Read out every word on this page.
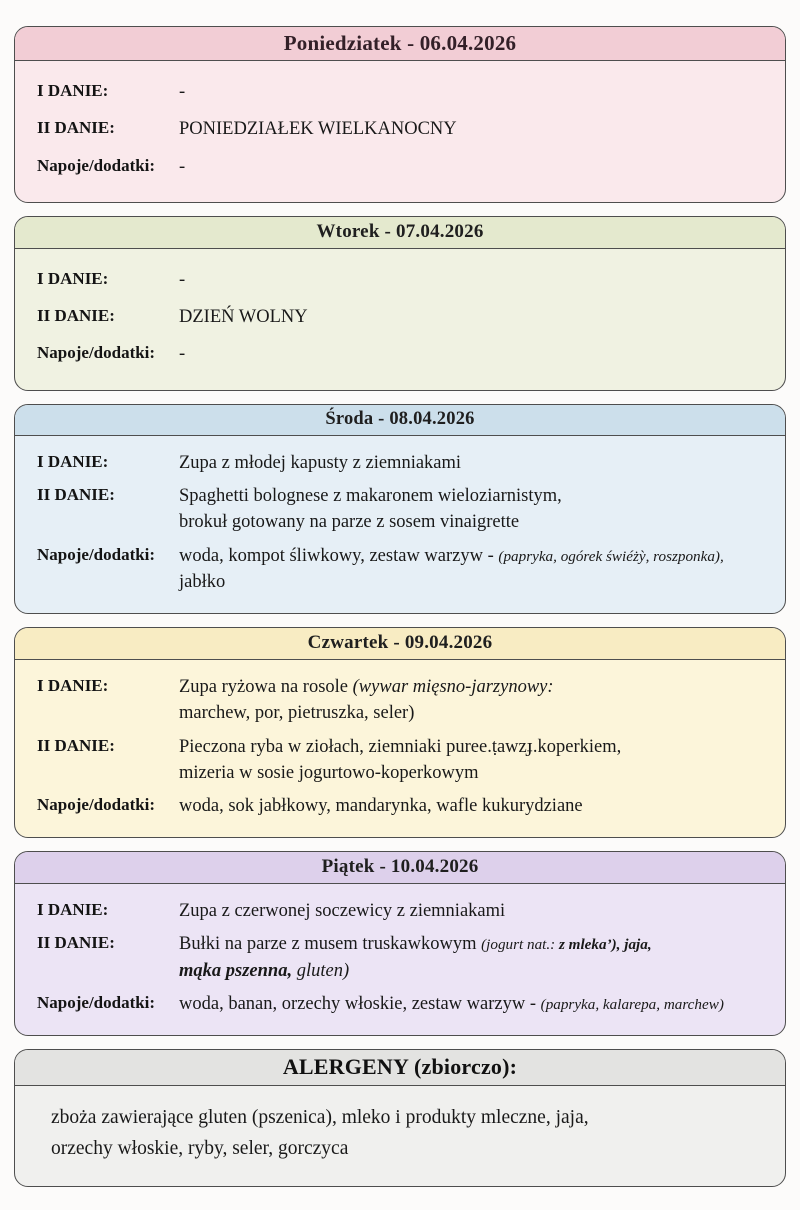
Poniedziatek - 06.04.2026
I DANIE:	-
II DANIE:	PONIEDZIAŁEK WIELKANOCNY
Napoje/dodatki:	-
Wtorek - 07.04.2026
I DANIE:	-
II DANIE:	DZIEŃ WOLNY
Napoje/dodatki:	-
Środa - 08.04.2026
I DANIE:	Zupa z młodej kapusty z ziemniakami
II DANIE:	Spaghetti bolognese z makaronem wieloziarnistym,
brokuł gotowany na parze z sosem vinaigrette
Napoje/dodatki:	woda, kompot śliwkowy, zestaw warzyw - (papryka, ogórek świéżỳ, roszponka),
jabłko
Czwartek - 09.04.2026
I DANIE:	Zupa ryżowa na rosole (wywar mięsno-jarzynowy:
marchew, por, pietruszka, seler)
II DANIE:	Pieczona ryba w ziołach, ziemniaki puree.ṭawzɟ.koperkiem,
mizeria w sosie jogurtowo-koperkowym
Napoje/dodatki:	woda, sok jabłkowy, mandarynka, wafle kukurydziane
Piątek - 10.04.2026
I DANIE:	Zupa z czerwonej soczewicy z ziemniakami
II DANIE:	Bułki na parze z musem truskawkowym (jogurt nat.: z mleka’), jaja,
mąka pszenna, gluten)
Napoje/dodatki:	woda, banan, orzechy włoskie, zestaw warzyw - (papryka, kalarepa, marchew)
ALERGENY (zbiorczo):
zboża zawierające gluten (pszenica), mleko i produkty mleczne, jaja,
orzechy włoskie, ryby, seler, gorczyca
